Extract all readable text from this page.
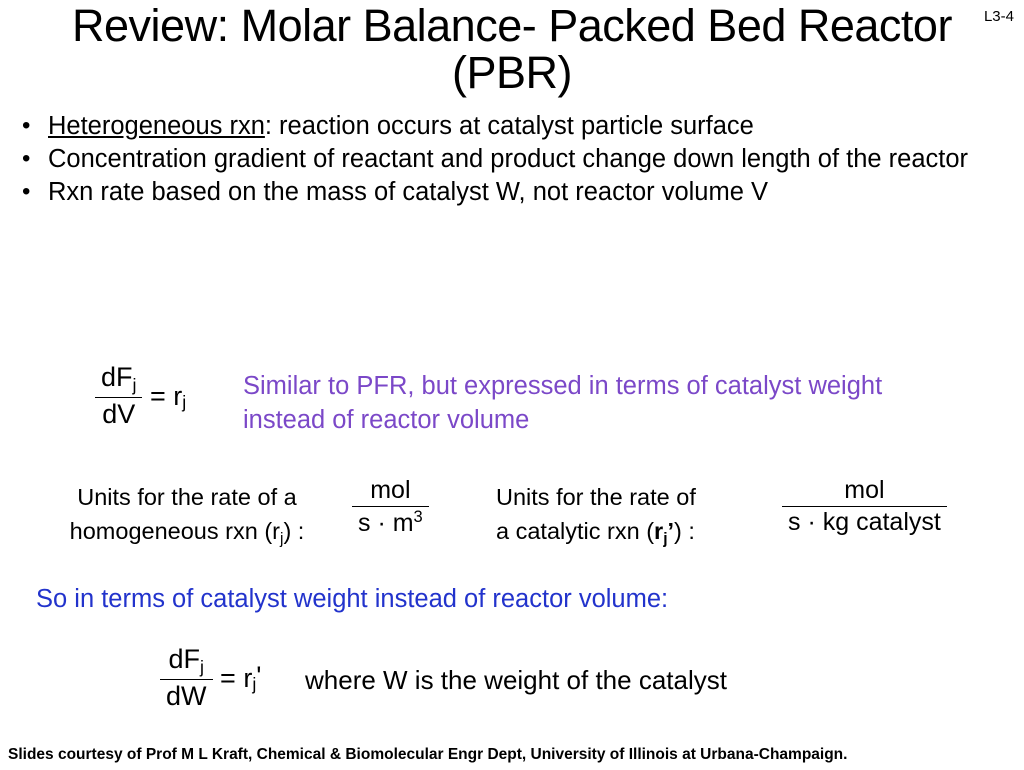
L3-4
Review: Molar Balance- Packed Bed Reactor (PBR)
• Heterogeneous rxn: reaction occurs at catalyst particle surface
• Concentration gradient of reactant and product change down length of the reactor
• Rxn rate based on the mass of catalyst W, not reactor volume V
$\frac{dF_j}{dV} = r_j$
Similar to PFR, but expressed in terms of catalyst weight instead of reactor volume
Units for the rate of a
homogeneous rxn $(r_j)$ :	$\frac{\text{mol}}{s \cdot m^3}$	Units for the rate of
a catalytic rxn $(r_j’)$ :	$\frac{\text{mol}}{\text{s · kg catalyst}}$
So in terms of catalyst weight instead of reactor volume:
$\frac{dF_j}{dW} = r_j'$ where W is the weight of the catalyst
Slides courtesy of Prof M L Kraft, Chemical & Biomolecular Engr Dept, University of Illinois at Urbana-Champaign.
